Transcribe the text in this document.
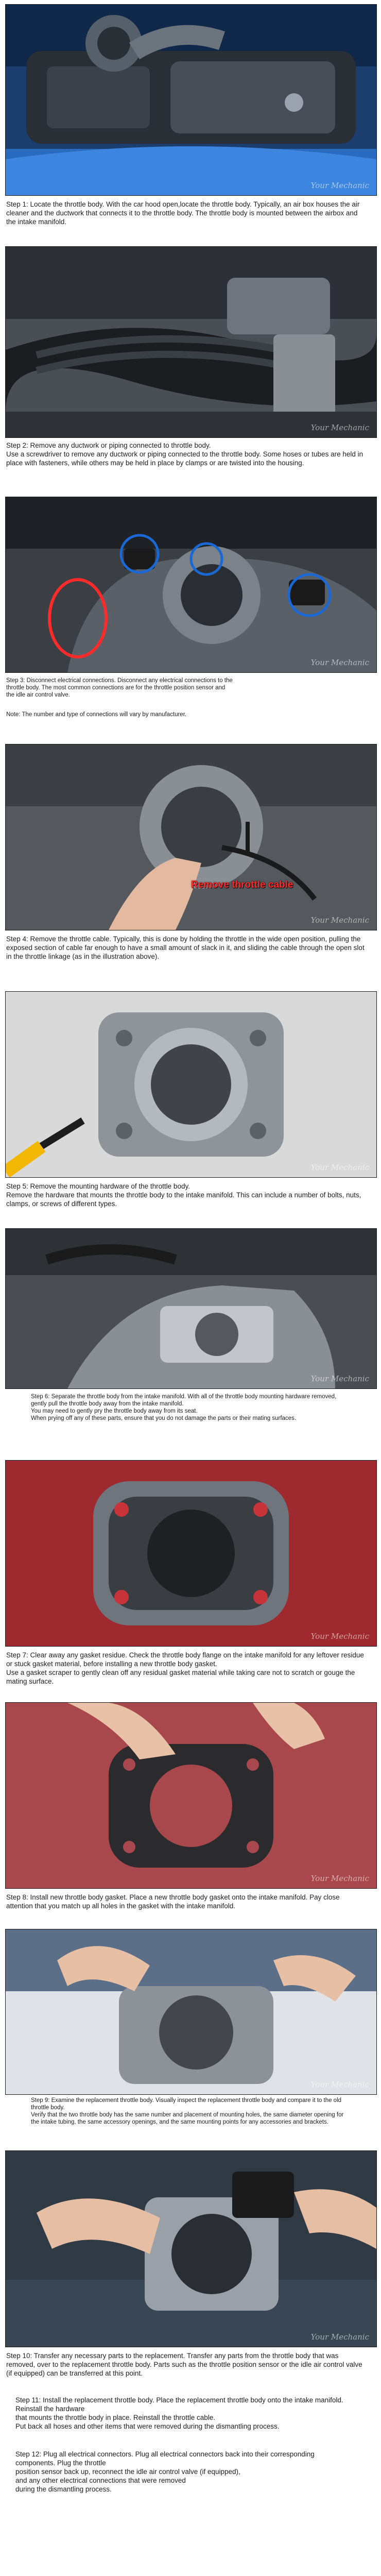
Your Mechanic
Step 1: Locate the throttle body. With the car hood open,locate the throttle body. Typically, an air box houses the air cleaner and the ductwork that connects it to the throttle body. The throttle body is mounted between the airbox and the intake manifold.
Your Mechanic
Step 2: Remove any ductwork or piping connected to throttle body.
Use a screwdriver to remove any ductwork or piping connected to the throttle body. Some hoses or tubes are held in place with fasteners, while others may be held in place by clamps or are twisted into the housing.
Your Mechanic
Step 3: Disconnect electrical connections. Disconnect any electrical connections to the throttle body. The most common connections are for the throttle position sensor and the idle air control valve.
Note: The number and type of connections will vary by manufacturer.
Remove throttle cable
Your Mechanic
Step 4: Remove the throttle cable. Typically, this is done by holding the throttle in the wide open position, pulling the exposed section of cable far enough to have a small amount of slack in it, and sliding the cable through the open slot in the throttle linkage (as in the illustration above).
Your Mechanic
Step 5: Remove the mounting hardware of the throttle body.
Remove the hardware that mounts the throttle body to the intake manifold. This can include a number of bolts, nuts, clamps, or screws of different types.
Your Mechanic
Step 6: Separate the throttle body from the intake manifold. With all of the throttle body mounting hardware removed, gently pull the throttle body away from the intake manifold.
You may need to gently pry the throttle body away from its seat.
When prying off any of these parts, ensure that you do not damage the parts or their mating surfaces.
Your Mechanic
Step 7: Clear away any gasket residue. Check the throttle body flange on the intake manifold for any leftover residue or stuck gasket material, before installing a new throttle body gasket.
Use a gasket scraper to gently clean off any residual gasket material while taking care not to scratch or gouge the mating surface.
Your Mechanic
Step 8: Install new throttle body gasket. Place a new throttle body gasket onto the intake manifold. Pay close attention that you match up all holes in the gasket with the intake manifold.
Your Mechanic
Step 9: Examine the replacement throttle body. Visually inspect the replacement throttle body and compare it to the old throttle body.
Verify that the two throttle body has the same number and placement of mounting holes, the same diameter opening for the intake tubing, the same accessory openings, and the same mounting points for any accessories and brackets.
Your Mechanic
Step 10: Transfer any necessary parts to the replacement. Transfer any parts from the throttle body that was removed, over to the replacement throttle body. Parts such as the throttle position sensor or the idle air control valve (if equipped) can be transferred at this point.
Step 11: Install the replacement throttle body. Place the replacement throttle body onto the intake manifold. Reinstall the hardware
that mounts the throttle body in place. Reinstall the throttle cable.
Put back all hoses and other items that were removed during the dismantling process.
Step 12: Plug all electrical connectors. Plug all electrical connectors back into their corresponding components. Plug the throttle
position sensor back up, reconnect the idle air control valve (if equipped),
and any other electrical connections that were removed
during the dismantling process.
